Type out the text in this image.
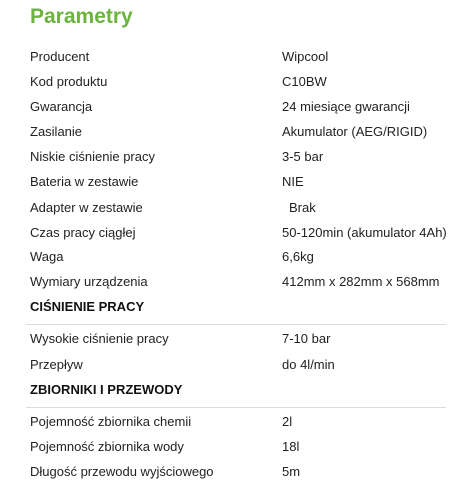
Parametry
Producent	Wipcool
Kod produktu	C10BW
Gwarancja	24 miesiące gwarancji
Zasilanie	Akumulator (AEG/RIGID)
Niskie ciśnienie pracy	3-5 bar
Bateria w zestawie	NIE
Adapter w zestawie	Brak
Czas pracy ciągłej	50-120min (akumulator 4Ah)
Waga	6,6kg
Wymiary urządzenia	412mm x 282mm x 568mm
CIŚNIENIE PRACY
Wysokie ciśnienie pracy	7-10 bar
Przepływ	do 4l/min
ZBIORNIKI I PRZEWODY
Pojemność zbiornika chemii	2l
Pojemność zbiornika wody	18l
Długość przewodu wyjściowego	5m
